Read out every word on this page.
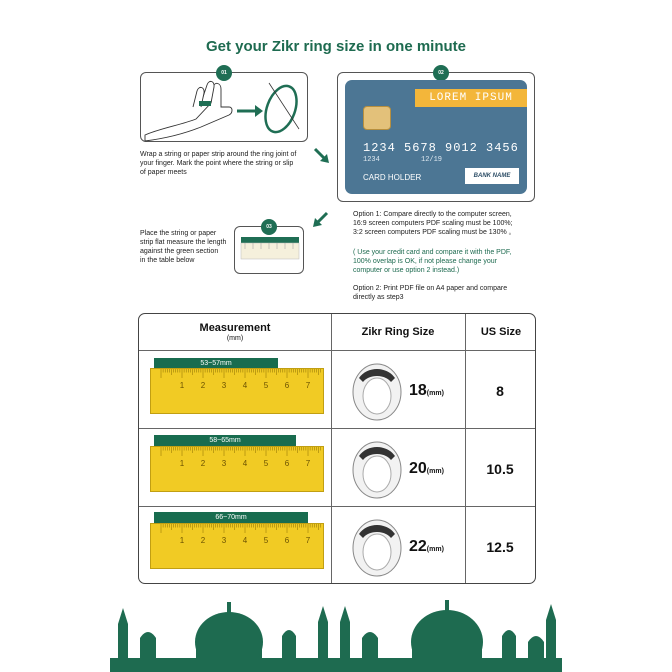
Get your Zikr ring size in one minute
01
Wrap a string or paper strip around the ring joint of
your finger. Mark the point where the string or slip
of paper meets
02
LOREM IPSUM
1234 5678 9012 3456
1234	12/19
CARD HOLDER	BANK NAME
Place the string or paper
strip flat measure the length
against the green section
in the table below
03
Option 1: Compare directly to the computer screen,
16:9 screen computers PDF scaling must be 100%;
3:2 screen computers PDF scaling must be 130% 。
( Use your credit card and compare it with the PDF,
100% overlap is OK, if not please change your
computer or use option 2 instead.)
Option 2: Print PDF file on A4 paper and compare
directly as step3
Measurement
(mm)
Zikr Ring Size	US Size
53~57mm
1 2 3 4 5 6 7	18(mm)	8
58~65mm
1 2 3 4 5 6 7	20(mm)	10.5
66~70mm
1 2 3 4 5 6 7	22(mm)	12.5
